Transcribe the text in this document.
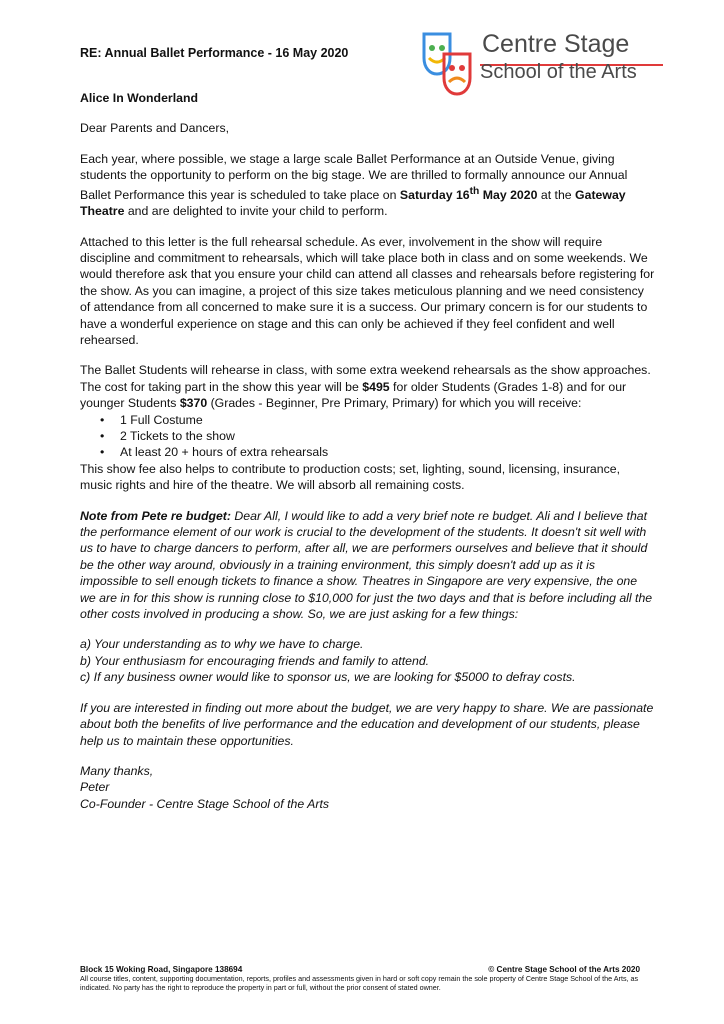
RE: Annual Ballet Performance - 16 May 2020	Centre Stage
School of the Arts

Alice In Wonderland

Dear Parents and Dancers,

Each year, where possible, we stage a large scale Ballet Performance at an Outside Venue, giving students the opportunity to perform on the big stage. We are thrilled to formally announce our Annual Ballet Performance this year is scheduled to take place on Saturday 16th May 2020 at the Gateway Theatre and are delighted to invite your child to perform.

Attached to this letter is the full rehearsal schedule. As ever, involvement in the show will require discipline and commitment to rehearsals, which will take place both in class and on some weekends. We would therefore ask that you ensure your child can attend all classes and rehearsals before registering for the show. As you can imagine, a project of this size takes meticulous planning and we need consistency of attendance from all concerned to make sure it is a success. Our primary concern is for our students to have a wonderful experience on stage and this can only be achieved if they feel confident and well rehearsed.

The Ballet Students will rehearse in class, with some extra weekend rehearsals as the show approaches. The cost for taking part in the show this year will be $495 for older Students (Grades 1-8) and for our younger Students $370 (Grades - Beginner, Pre Primary, Primary) for which you will receive:

• 1 Full Costume
• 2 Tickets to the show
• At least 20 + hours of extra rehearsals

This show fee also helps to contribute to production costs; set, lighting, sound, licensing, insurance, music rights and hire of the theatre. We will absorb all remaining costs.

Note from Pete re budget: Dear All, I would like to add a very brief note re budget. Ali and I believe that the performance element of our work is crucial to the development of the students. It doesn't sit well with us to have to charge dancers to perform, after all, we are performers ourselves and believe that it should be the other way around, obviously in a training environment, this simply doesn't add up as it is impossible to sell enough tickets to finance a show. Theatres in Singapore are very expensive, the one we are in for this show is running close to $10,000 for just the two days and that is before including all the other costs involved in producing a show. So, we are just asking for a few things:

a) Your understanding as to why we have to charge.

b) Your enthusiasm for encouraging friends and family to attend.

c) If any business owner would like to sponsor us, we are looking for $5000 to defray costs.

If you are interested in finding out more about the budget, we are very happy to share. We are passionate about both the benefits of live performance and the education and development of our students, please help us to maintain these opportunities.

Many thanks,

Peter

Co-Founder - Centre Stage School of the Arts

Block 15 Woking Road, Singapore 138694	© Centre Stage School of the Arts 2020
All course titles, content, supporting documentation, reports, profiles and assessments given in hard or soft copy remain the sole property of Centre Stage School of the Arts, as indicated. No party has the right to reproduce the property in part or full, without the prior consent of stated owner.
